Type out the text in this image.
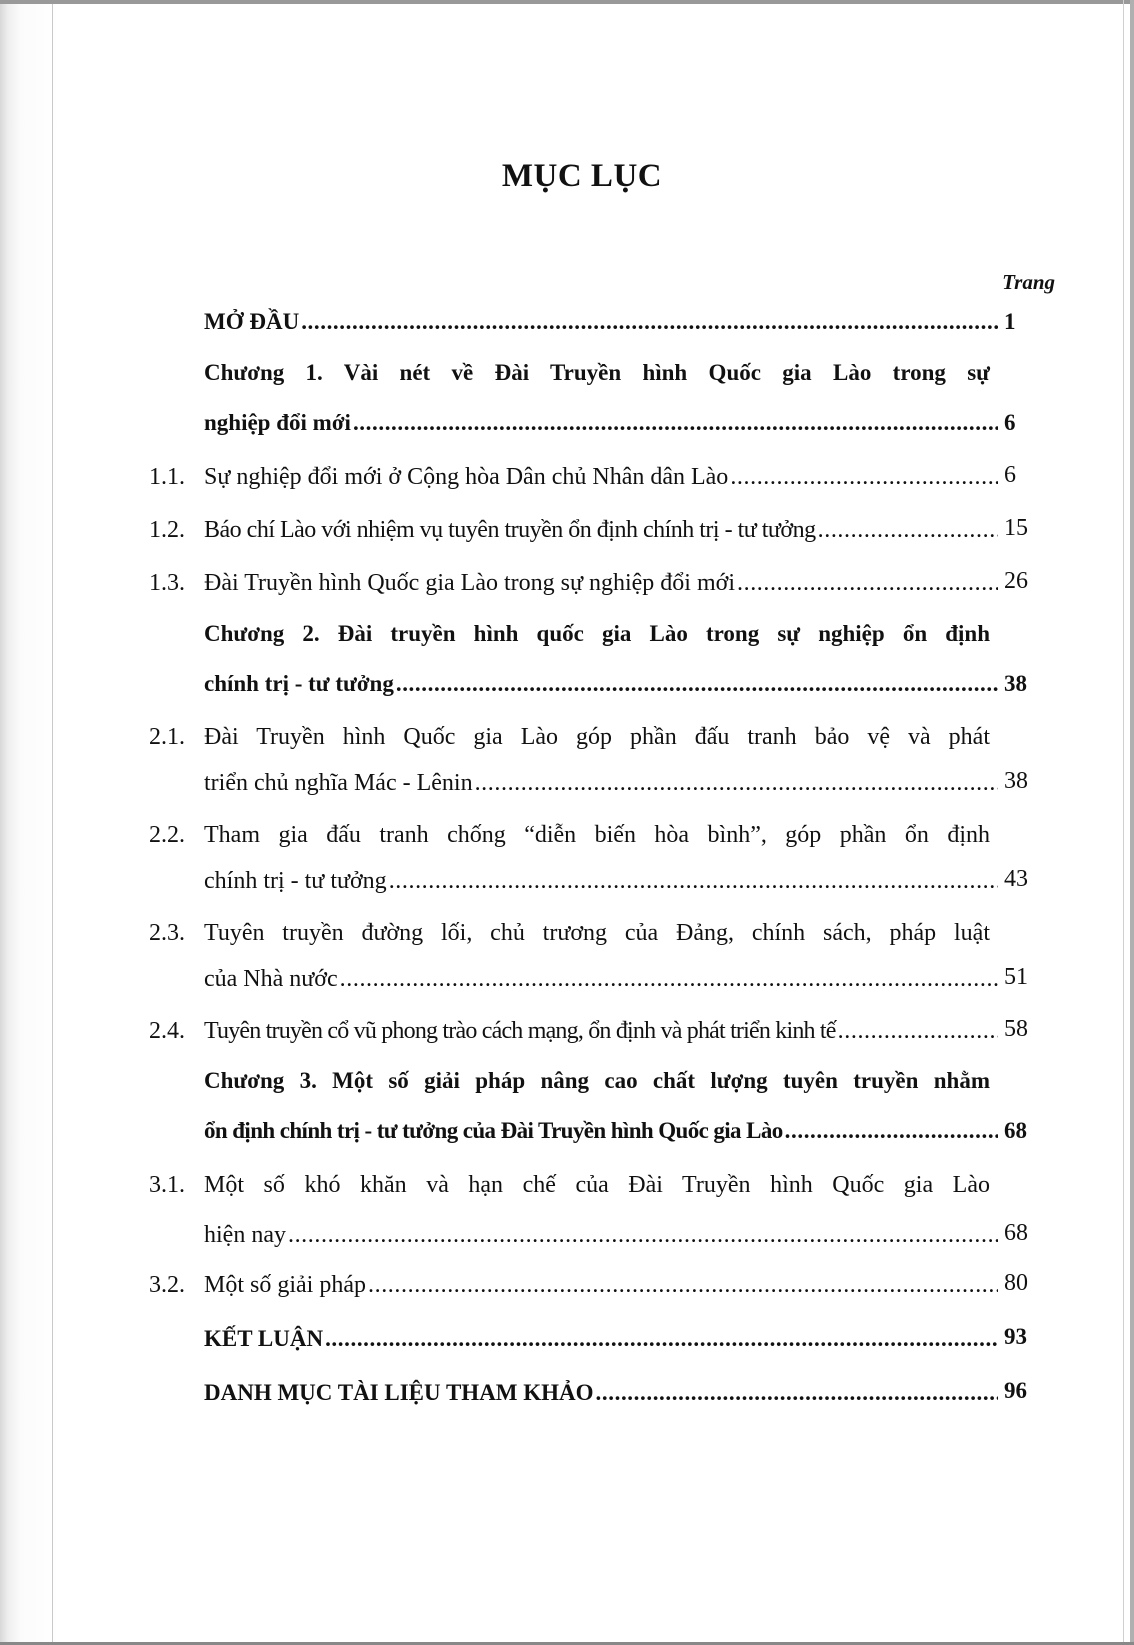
MỤC LỤC
Trang
MỞ ĐẦU .....	1
Chương 1. Vài nét về Đài Truyền hình Quốc gia Lào trong sự
nghiệp đổi mới .....	6
1.1. Sự nghiệp đổi mới ở Cộng hòa Dân chủ Nhân dân Lào .....	6
1.2. Báo chí Lào với nhiệm vụ tuyên truyền ổn định chính trị - tư tưởng .....	15
1.3. Đài Truyền hình Quốc gia Lào trong sự nghiệp đổi mới .....	26
Chương 2. Đài truyền hình quốc gia Lào trong sự nghiệp ổn định
chính trị - tư tưởng .....	38
2.1. Đài Truyền hình Quốc gia Lào góp phần đấu tranh bảo vệ và phát
triển chủ nghĩa Mác - Lênin .....	38
2.2. Tham gia đấu tranh chống “diễn biến hòa bình”, góp phần ổn định
chính trị - tư tưởng .....	43
2.3. Tuyên truyền đường lối, chủ trương của Đảng, chính sách, pháp luật
của Nhà nước .....	51
2.4. Tuyên truyền cổ vũ phong trào cách mạng, ổn định và phát triển kinh tế .....	58
Chương 3. Một số giải pháp nâng cao chất lượng tuyên truyền nhằm
ổn định chính trị - tư tưởng của Đài Truyền hình Quốc gia Lào .....	68
3.1. Một số khó khăn và hạn chế của Đài Truyền hình Quốc gia Lào
hiện nay .....	68
3.2. Một số giải pháp .....	80
KẾT LUẬN .....	93
DANH MỤC TÀI LIỆU THAM KHẢO .....	96
